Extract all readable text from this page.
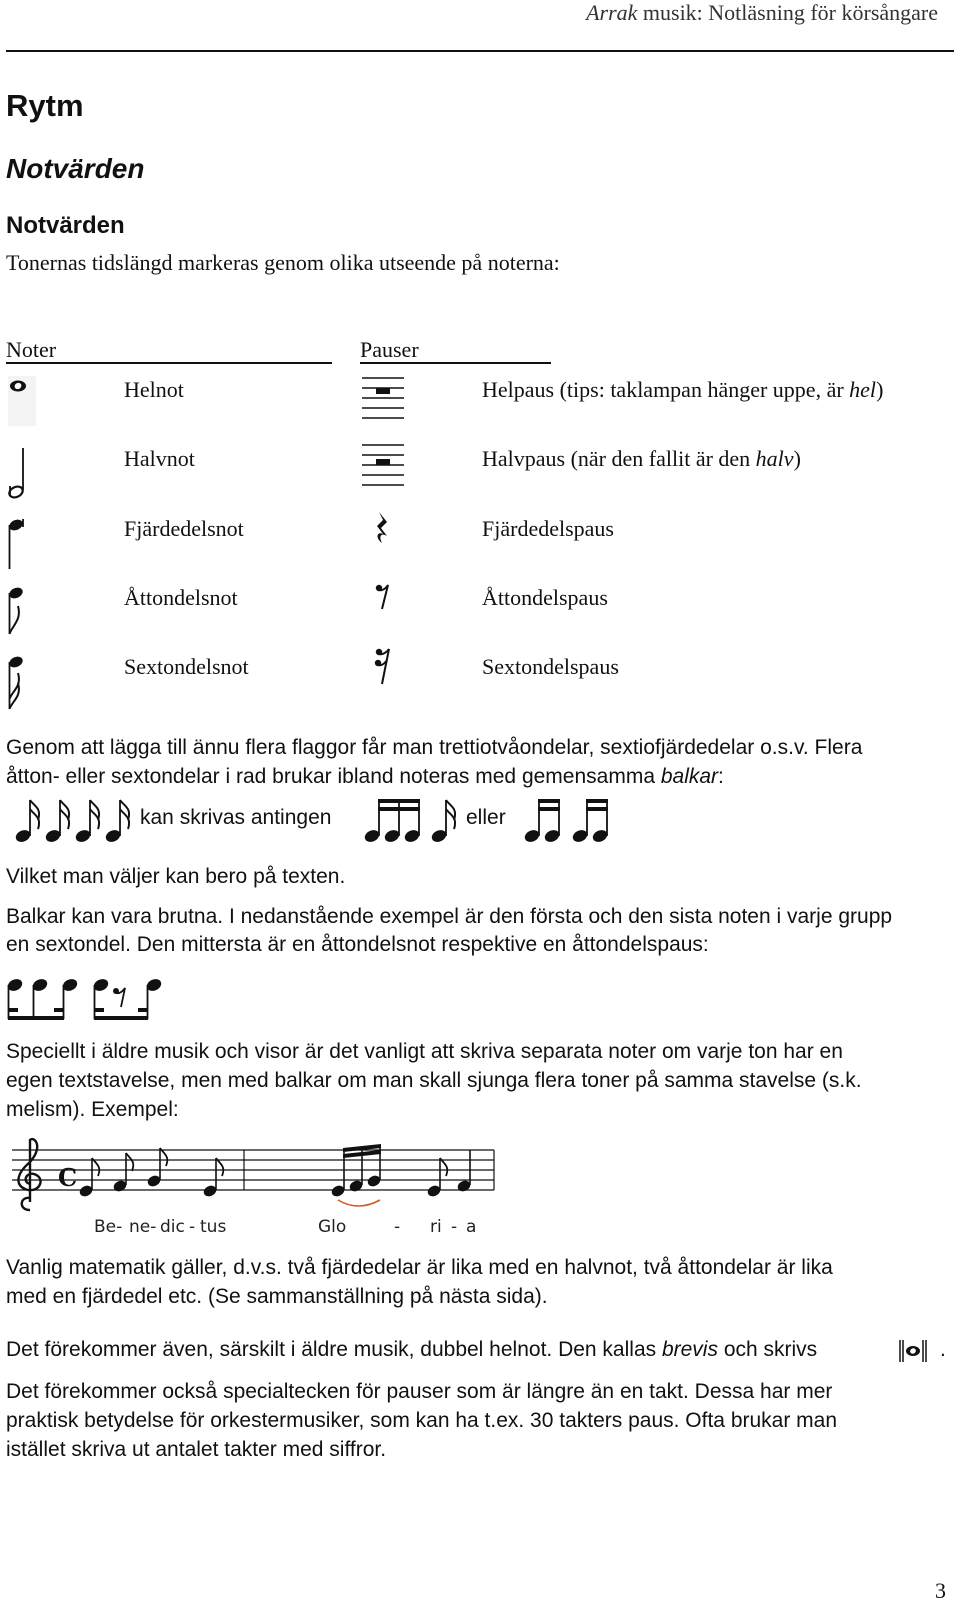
Arrak musik: Notläsning för körsångare
Rytm
Notvärden
Notvärden
Tonernas tidslängd markeras genom olika utseende på noterna:
Noter	Pauser
Helnot	Helpaus (tips: taklampan hänger uppe, är hel)
Halvnot	Halvpaus (när den fallit är den halv)
Fjärdedelsnot	Fjärdedelspaus
Åttondelsnot	Åttondelspaus
Sextondelsnot	Sextondelspaus
Genom att lägga till ännu flera flaggor får man trettiotvåondelar, sextiofjärdedelar o.s.v. Flera
åtton- eller sextondelar i rad brukar ibland noteras med gemensamma balkar:
kan skrivas antingen	eller
Vilket man väljer kan bero på texten.
Balkar kan vara brutna. I nedanstående exempel är den första och den sista noten i varje grupp
en sextondel. Den mittersta är en åttondelsnot respektive en åttondelspaus:
Speciellt i äldre musik och visor är det vanligt att skriva separata noter om varje ton har en
egen textstavelse, men med balkar om man skall sjunga flera toner på samma stavelse (s.k.
melism). Exempel:
C
Be- ne- dic - tus	Glo	- ri - a
Vanlig matematik gäller, d.v.s. två fjärdedelar är lika med en halvnot, två åttondelar är lika
med en fjärdedel etc. (Se sammanställning på nästa sida).
Det förekommer även, särskilt i äldre musik, dubbel helnot. Den kallas brevis och skrivs	.
Det förekommer också specialtecken för pauser som är längre än en takt. Dessa har mer
praktisk betydelse för orkestermusiker, som kan ha t.ex. 30 takters paus. Ofta brukar man
istället skriva ut antalet takter med siffror.
3
